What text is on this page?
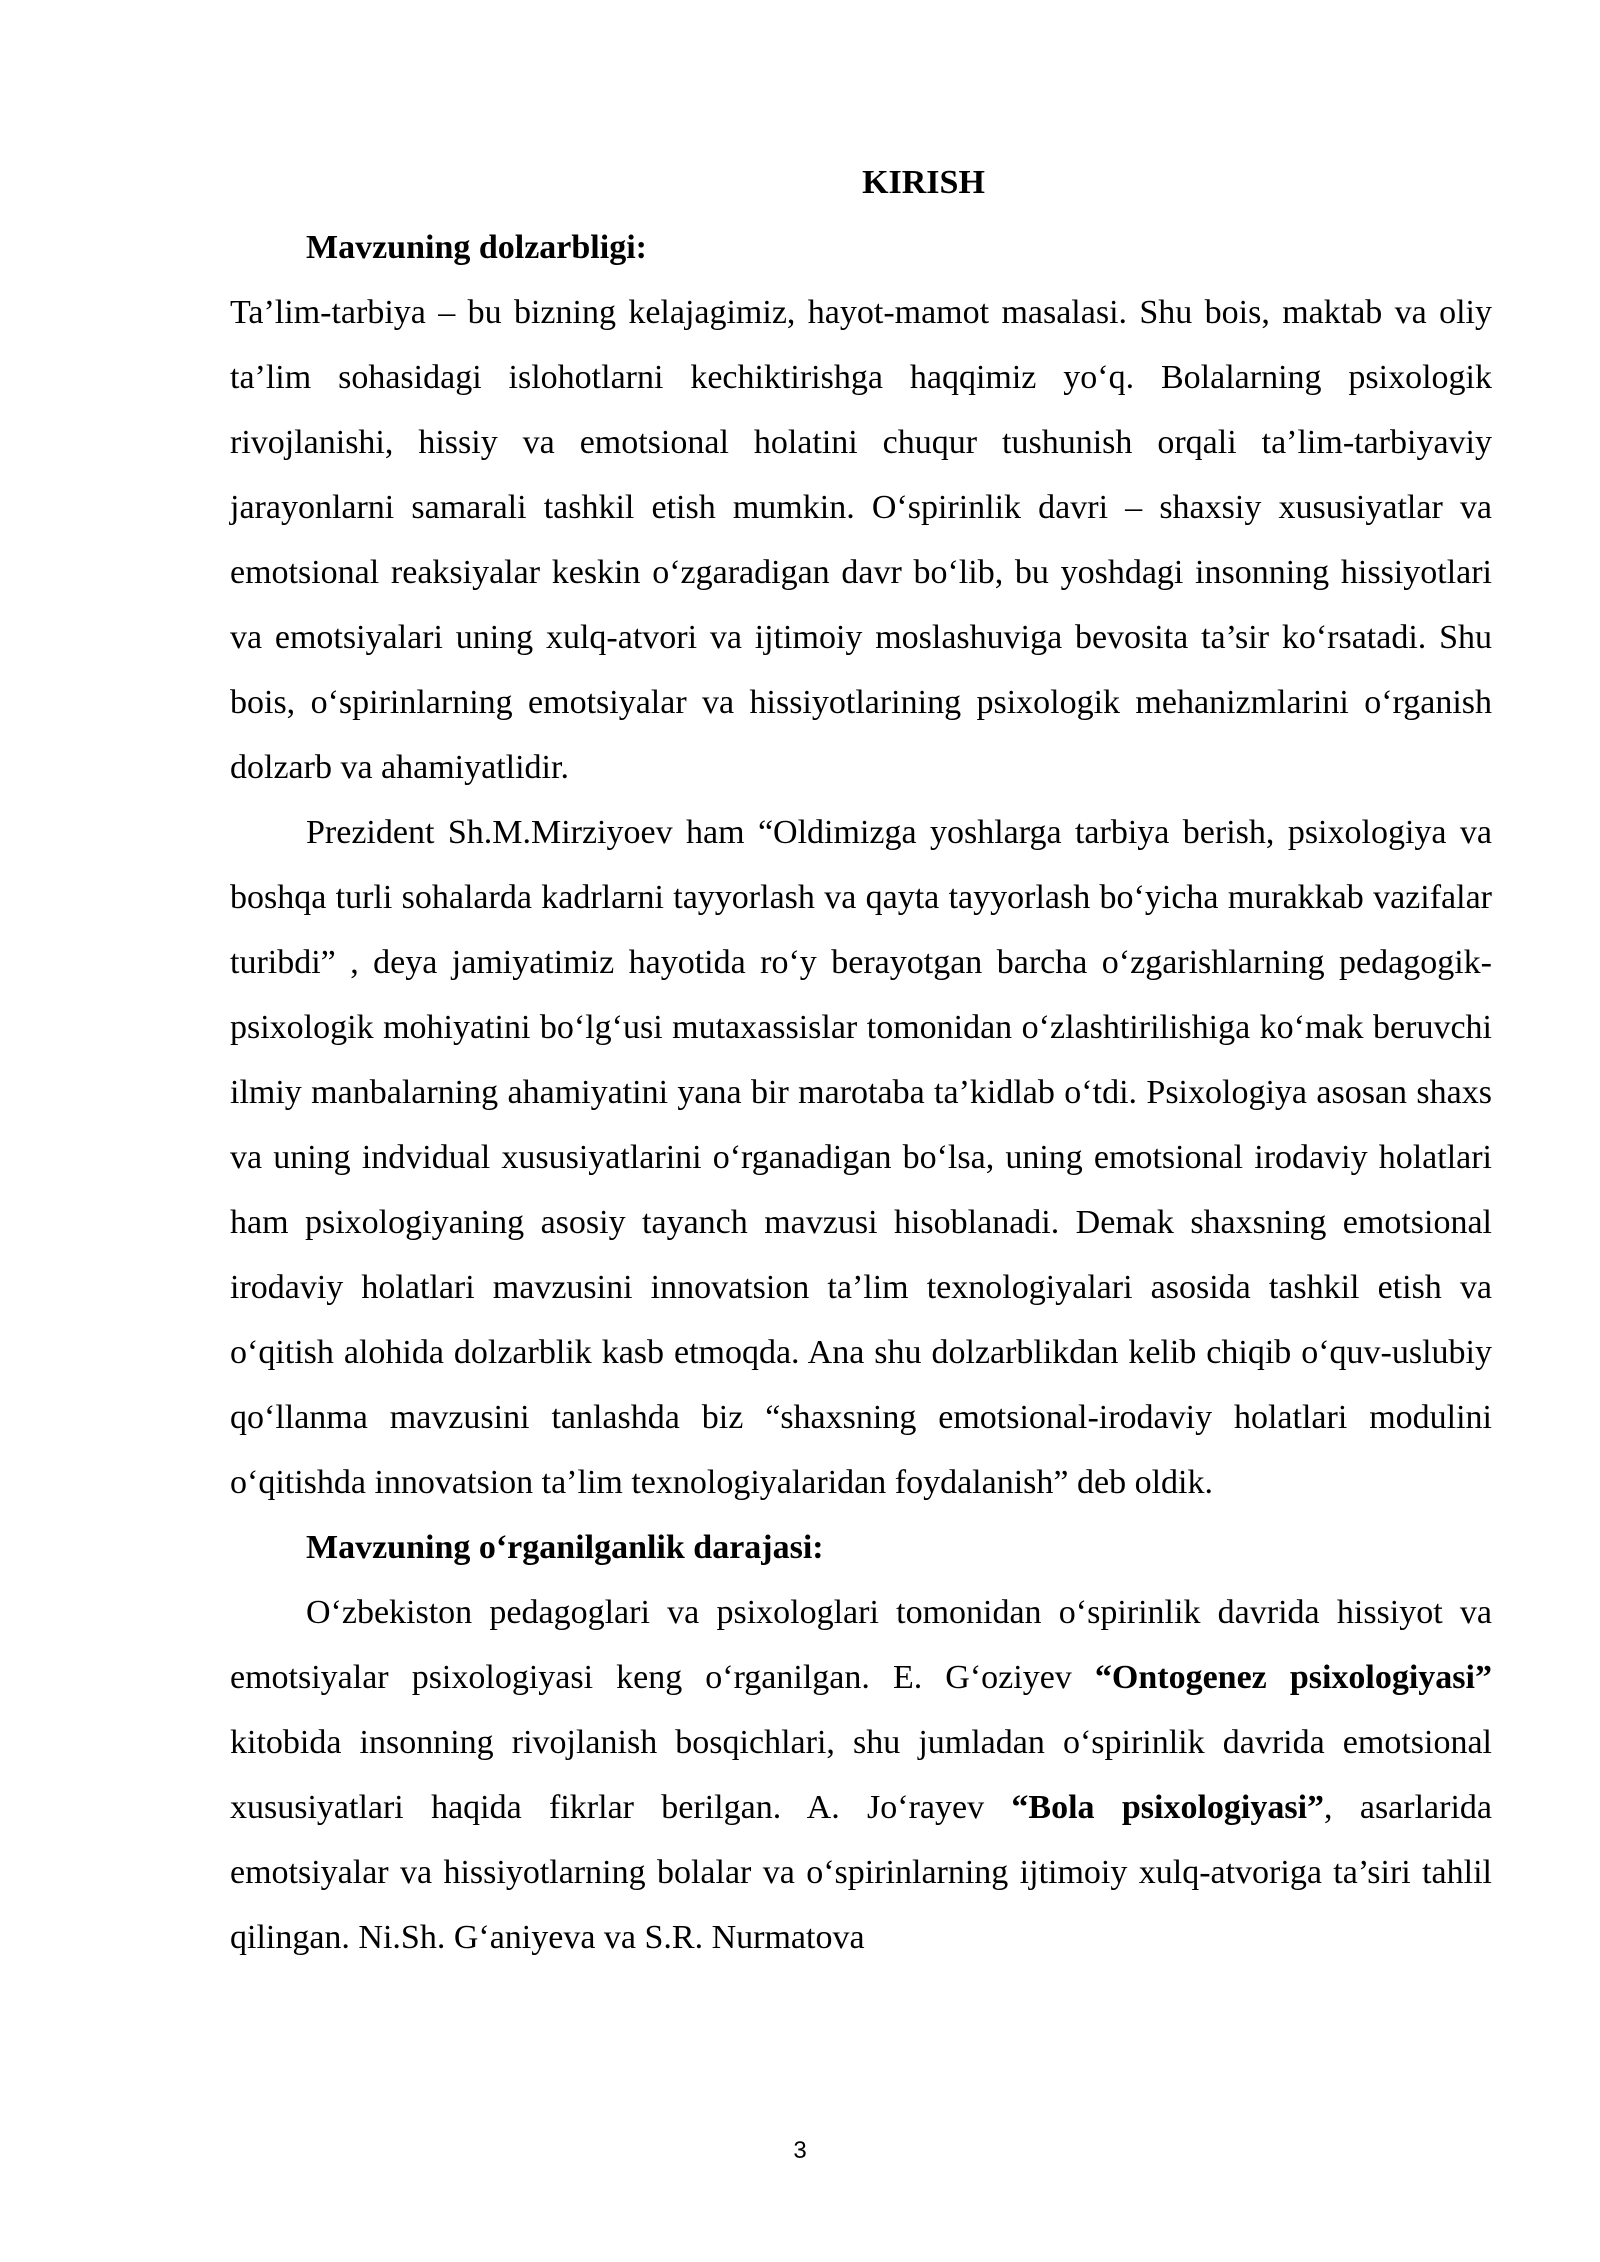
KIRISH

Mavzuning dolzarbligi:

Ta’lim-tarbiya – bu bizning kelajagimiz, hayot-mamot masalasi. Shu bois, maktab va oliy ta’lim sohasidagi islohotlarni kechiktirishga haqqimiz yo‘q. Bolalarning psixologik rivojlanishi, hissiy va emotsional holatini chuqur tushunish orqali ta’lim-tarbiyaviy jarayonlarni samarali tashkil etish mumkin. O‘spirinlik davri – shaxsiy xususiyatlar va emotsional reaksiyalar keskin o‘zgaradigan davr bo‘lib, bu yoshdagi insonning hissiyotlari va emotsiyalari uning xulq-atvori va ijtimoiy moslashuviga bevosita ta’sir ko‘rsatadi. Shu bois, o‘spirinlarning emotsiyalar va hissiyotlarining psixologik mehanizmlarini o‘rganish dolzarb va ahamiyatlidir.

Prezident Sh.M.Mirziyoev ham “Oldimizga yoshlarga tarbiya berish, psixologiya va boshqa turli sohalarda kadrlarni tayyorlash va qayta tayyorlash bo‘yicha murakkab vazifalar turibdi” , deya jamiyatimiz hayotida ro‘y berayotgan barcha o‘zgarishlarning pedagogik-psixologik mohiyatini bo‘lg‘usi mutaxassislar tomonidan o‘zlashtirilishiga ko‘mak beruvchi ilmiy manbalarning ahamiyatini yana bir marotaba ta’kidlab o‘tdi. Psixologiya asosan shaxs va uning indvidual xususiyatlarini o‘rganadigan bo‘lsa, uning emotsional irodaviy holatlari ham psixologiyaning asosiy tayanch mavzusi hisoblanadi. Demak shaxsning emotsional irodaviy holatlari mavzusini innovatsion ta’lim texnologiyalari asosida tashkil etish va o‘qitish alohida dolzarblik kasb etmoqda. Ana shu dolzarblikdan kelib chiqib o‘quv-uslubiy qo‘llanma mavzusini tanlashda biz “shaxsning emotsional-irodaviy holatlari modulini o‘qitishda innovatsion ta’lim texnologiyalaridan foydalanish” deb oldik.

Mavzuning o‘rganilganlik darajasi:

O‘zbekiston pedagoglari va psixologlari tomonidan o‘spirinlik davrida hissiyot va emotsiyalar psixologiyasi keng o‘rganilgan. E. G‘oziyev “Ontogenez psixologiyasi” kitobida insonning rivojlanish bosqichlari, shu jumladan o‘spirinlik davrida emotsional xususiyatlari haqida fikrlar berilgan. A. Jo‘rayev “Bola psixologiyasi”, asarlarida emotsiyalar va hissiyotlarning bolalar va o‘spirinlarning ijtimoiy xulq-atvoriga ta’siri tahlil qilingan. Ni.Sh. G‘aniyeva va S.R. Nurmatova

3
